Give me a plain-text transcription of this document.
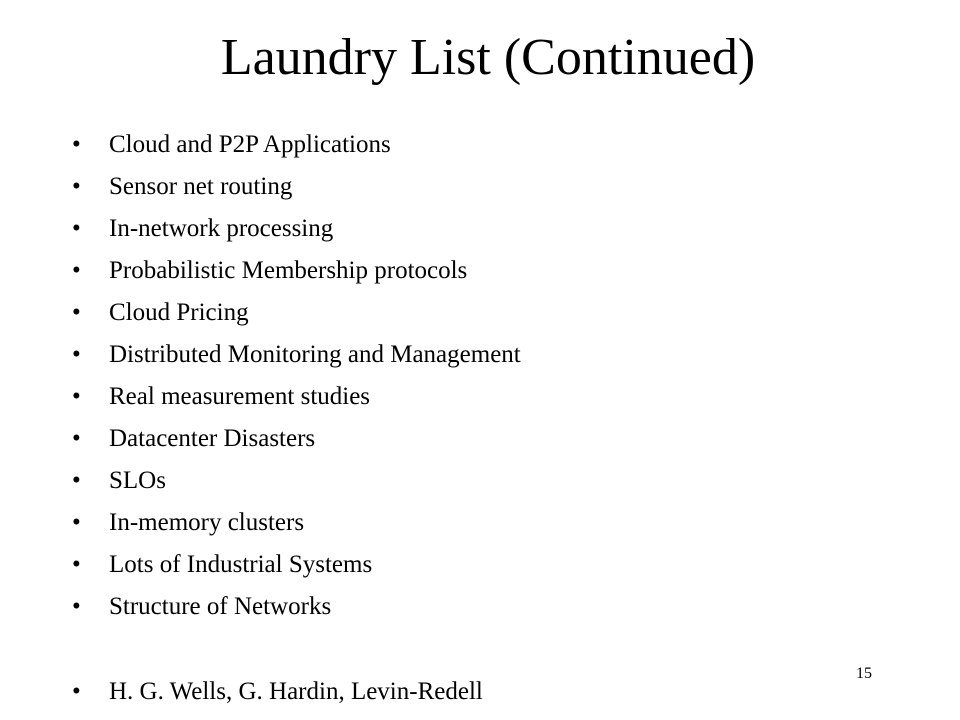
Laundry List (Continued)
• Cloud and P2P Applications
• Sensor net routing
• In-network processing
• Probabilistic Membership protocols
• Cloud Pricing
• Distributed Monitoring and Management
• Real measurement studies
• Datacenter Disasters
• SLOs
• In-memory clusters
• Lots of Industrial Systems
• Structure of Networks
• H. G. Wells, G. Hardin, Levin-Redell
15
